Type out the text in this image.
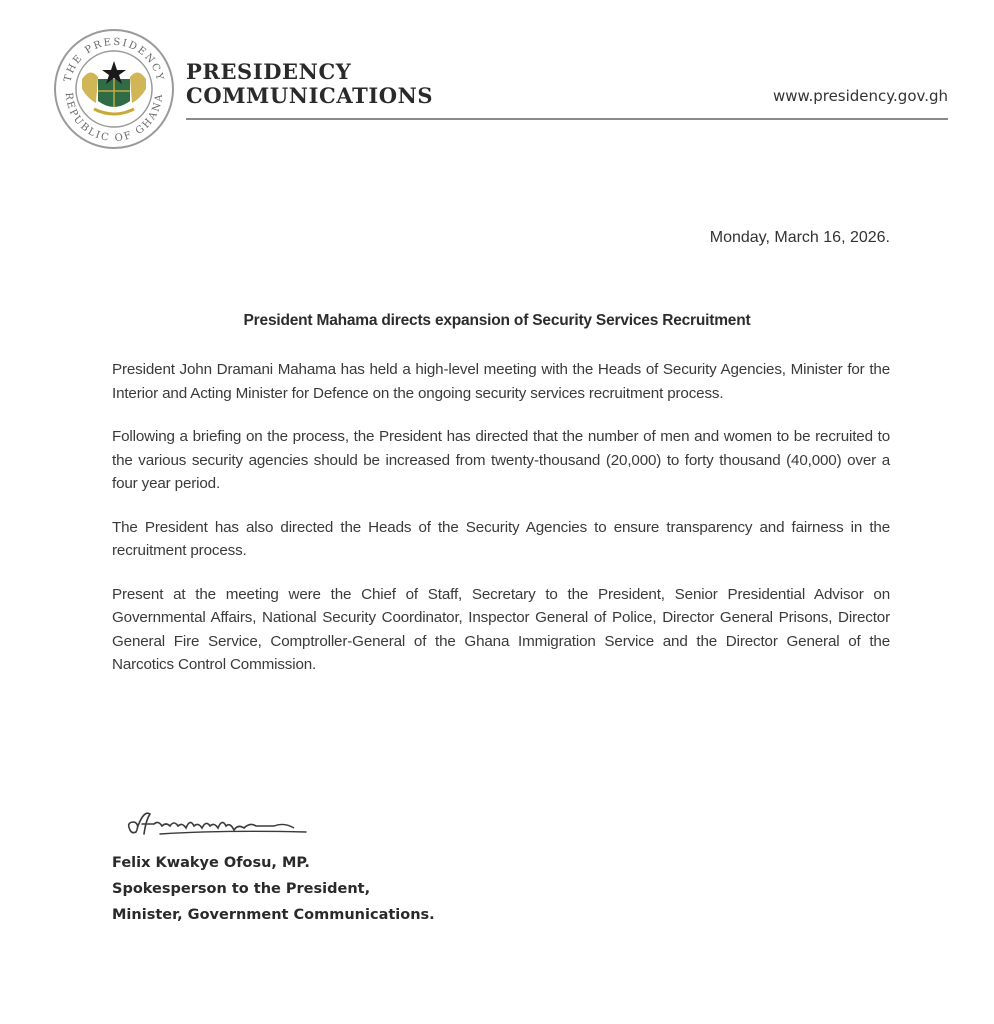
THE PRESIDENCY
REPUBLIC OF GHANA
PRESIDENCY
COMMUNICATIONS	www.presidency.gov.gh
Monday, March 16, 2026.
President Mahama directs expansion of Security Services Recruitment

President John Dramani Mahama has held a high-level meeting with the Heads of Security Agencies, Minister for the Interior and Acting Minister for Defence on the ongoing security services recruitment process.

Following a briefing on the process, the President has directed that the number of men and women to be recruited to the various security agencies should be increased from twenty-thousand (20,000) to forty thousand (40,000) over a four year period.

The President has also directed the Heads of the Security Agencies to ensure transparency and fairness in the recruitment process.

Present at the meeting were the Chief of Staff, Secretary to the President, Senior Presidential Advisor on Governmental Affairs, National Security Coordinator, Inspector General of Police, Director General Prisons, Director General Fire Service, Comptroller-General of the Ghana Immigration Service and the Director General of the Narcotics Control Commission.

Felix Kwakye Ofosu, MP.
Spokesperson to the President,
Minister, Government Communications.
